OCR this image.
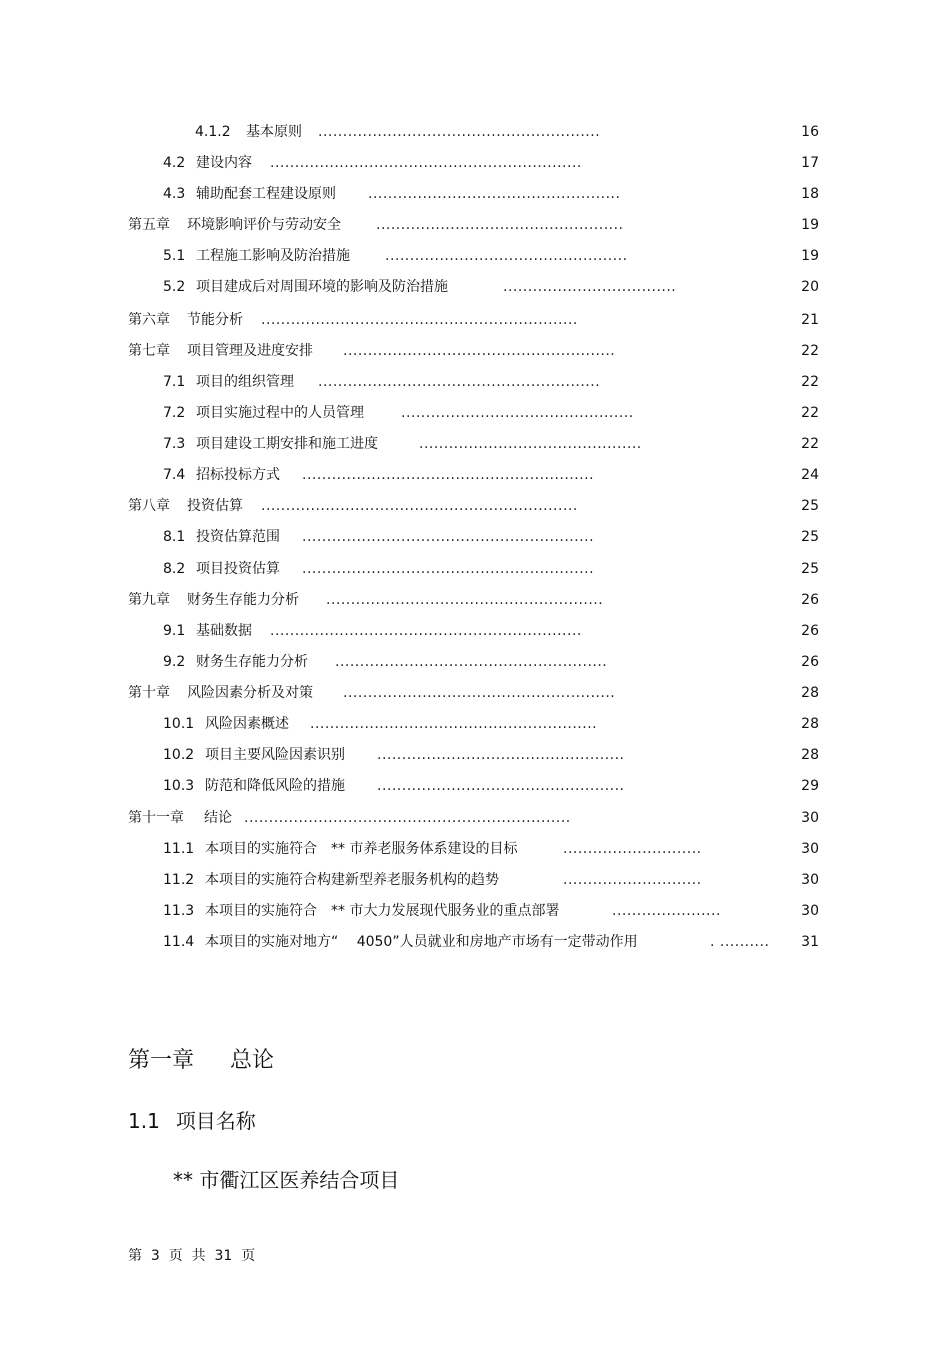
4.1.2 基本原则 .........................................................	16
4.2 建设内容 ...............................................................	17
4.3 辅助配套工程建设原则 ...................................................	18
第五章 环境影响评价与劳动安全	..................................................	19
5.1 工程施工影响及防治措施	.................................................	19
5.2 项目建成后对周围环境的影响及防治措施	...................................	20
第六章 节能分析 ................................................................	21
第七章 项目管理及进度安排 .......................................................	22
7.1 项目的组织管理 .........................................................	22
7.2 项目实施过程中的人员管理	...............................................	22
7.3 项目建设工期安排和施工进度	.............................................	22
7.4 招标投标方式 ...........................................................	24
第八章 投资估算 ................................................................	25
8.1 投资估算范围 ...........................................................	25
8.2 项目投资估算 ...........................................................	25
第九章 财务生存能力分析 ........................................................	26
9.1 基础数据 ...............................................................	26
9.2 财务生存能力分析 .......................................................	26
第十章 风险因素分析及对策 .......................................................	28
10.1 风险因素概述 ..........................................................	28
10.2 项目主要风险因素识别 ..................................................	28
10.3 防范和降低风险的措施 ..................................................	29
第十一章 结论 ..................................................................	30
11.1 本项目的实施符合　** 市养老服务体系建设的目标	............................	30
11.2 本项目的实施符合构建新型养老服务机构的趋势	............................	30
11.3 本项目的实施符合　** 市大力发展现代服务业的重点部署	......................	30
11.4 本项目的实施对地方“　 4050”人员就业和房地产市场有一定带动作用	. .......... 31
第一章 总论
1.1 项目名称
** 市衢江区医养结合项目
第  3  页  共  31  页
